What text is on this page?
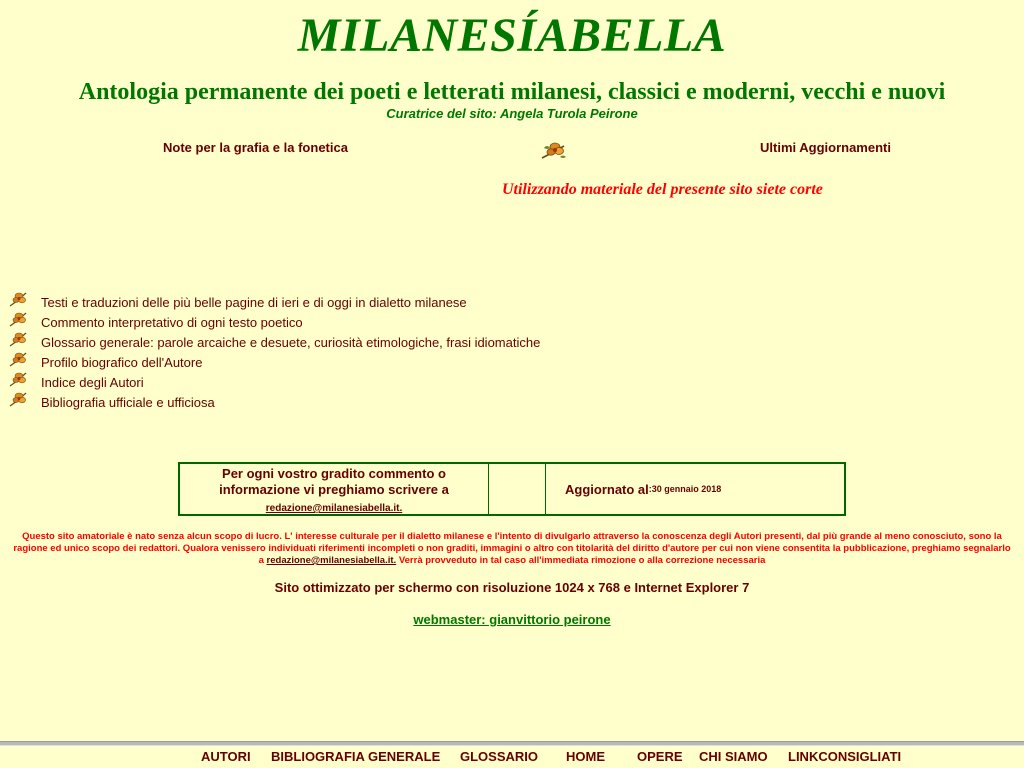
MILANESÍABELLA
Antologia permanente dei poeti e letterati milanesi, classici e moderni, vecchi e nuovi
Curatrice del sito: Angela Turola Peirone
Note per la grafia e la fonetica	Ultimi Aggiornamenti
Utilizzando materiale del presente sito siete corte
Testi e traduzioni delle più belle pagine di ieri e di oggi in dialetto milanese
Commento interpretativo di ogni testo poetico
Glossario generale: parole arcaiche e desuete, curiosità etimologiche, frasi idiomatiche
Profilo biografico dell'Autore
Indice degli Autori
Bibliografia ufficiale e ufficiosa
Per ogni vostro gradito commento o informazione vi preghiamo scrivere a
redazione@milanesiabella.it.
Aggiornato al :30 gennaio 2018
Questo sito amatoriale è nato senza alcun scopo di lucro. L' interesse culturale per il dialetto milanese e l'intento di divulgarlo attraverso la conoscenza degli Autori presenti, dal più grande al meno conosciuto, sono la ragione ed unico scopo dei redattori. Qualora venissero individuati riferimenti incompleti o non graditi, immagini o altro con titolarità del diritto d'autore per cui non viene consentita la pubblicazione, preghiamo segnalarlo a redazione@milanesiabella.it. Verrà provveduto in tal caso all'immediata rimozione o alla correzione necessaria
Sito ottimizzato per schermo con risoluzione 1024 x 768 e Internet Explorer 7
webmaster: gianvittorio peirone
AUTORI BIBLIOGRAFIA GENERALE GLOSSARIO HOME OPERE CHI SIAMO LINKCONSIGLIATI
